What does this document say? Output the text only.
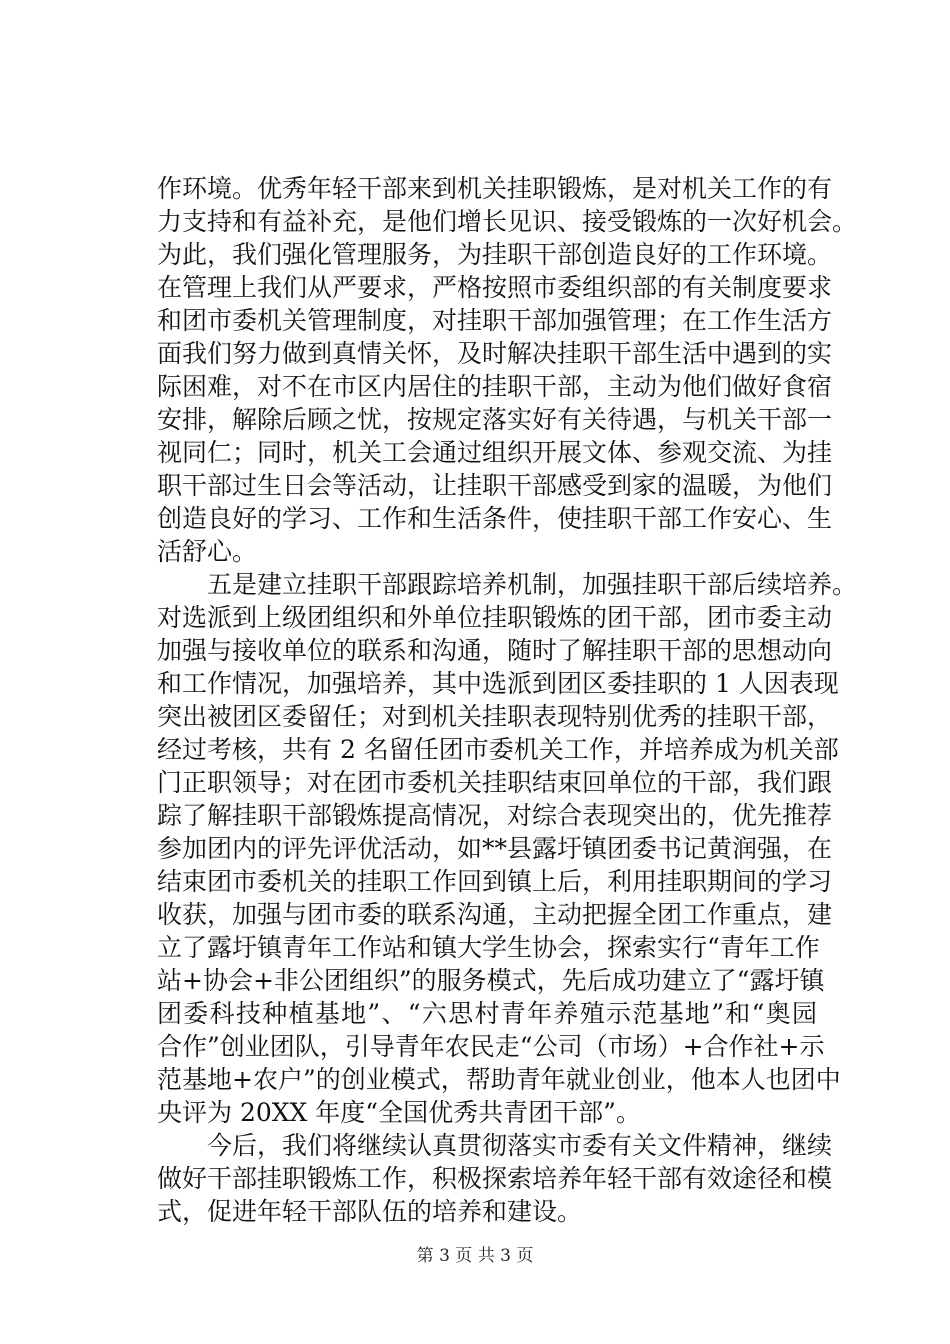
作环境。优秀年轻干部来到机关挂职锻炼，是对机关工作的有
力支持和有益补充，是他们增长见识、接受锻炼的一次好机会。
为此，我们强化管理服务，为挂职干部创造良好的工作环境。
在管理上我们从严要求，严格按照市委组织部的有关制度要求
和团市委机关管理制度，对挂职干部加强管理；在工作生活方
面我们努力做到真情关怀，及时解决挂职干部生活中遇到的实
际困难，对不在市区内居住的挂职干部，主动为他们做好食宿
安排，解除后顾之忧，按规定落实好有关待遇，与机关干部一
视同仁；同时，机关工会通过组织开展文体、参观交流、为挂
职干部过生日会等活动，让挂职干部感受到家的温暖，为他们
创造良好的学习、工作和生活条件，使挂职干部工作安心、生
活舒心。
五是建立挂职干部跟踪培养机制，加强挂职干部后续培养。
对选派到上级团组织和外单位挂职锻炼的团干部，团市委主动
加强与接收单位的联系和沟通，随时了解挂职干部的思想动向
和工作情况，加强培养，其中选派到团区委挂职的 1 人因表现
突出被团区委留任；对到机关挂职表现特别优秀的挂职干部，
经过考核，共有 2 名留任团市委机关工作，并培养成为机关部
门正职领导；对在团市委机关挂职结束回单位的干部，我们跟
踪了解挂职干部锻炼提高情况，对综合表现突出的，优先推荐
参加团内的评先评优活动，如**县露圩镇团委书记黄润强，在
结束团市委机关的挂职工作回到镇上后，利用挂职期间的学习
收获，加强与团市委的联系沟通，主动把握全团工作重点，建
立了露圩镇青年工作站和镇大学生协会，探索实行“青年工作
站+协会+非公团组织”的服务模式，先后成功建立了“露圩镇
团委科技种植基地”、“六思村青年养殖示范基地”和“奥园
合作”创业团队，引导青年农民走“公司（市场）+合作社+示
范基地+农户”的创业模式，帮助青年就业创业，他本人也团中
央评为 20XX 年度“全国优秀共青团干部”。
今后，我们将继续认真贯彻落实市委有关文件精神，继续
做好干部挂职锻炼工作，积极探索培养年轻干部有效途径和模
式，促进年轻干部队伍的培养和建设。
第 3 页 共 3 页
